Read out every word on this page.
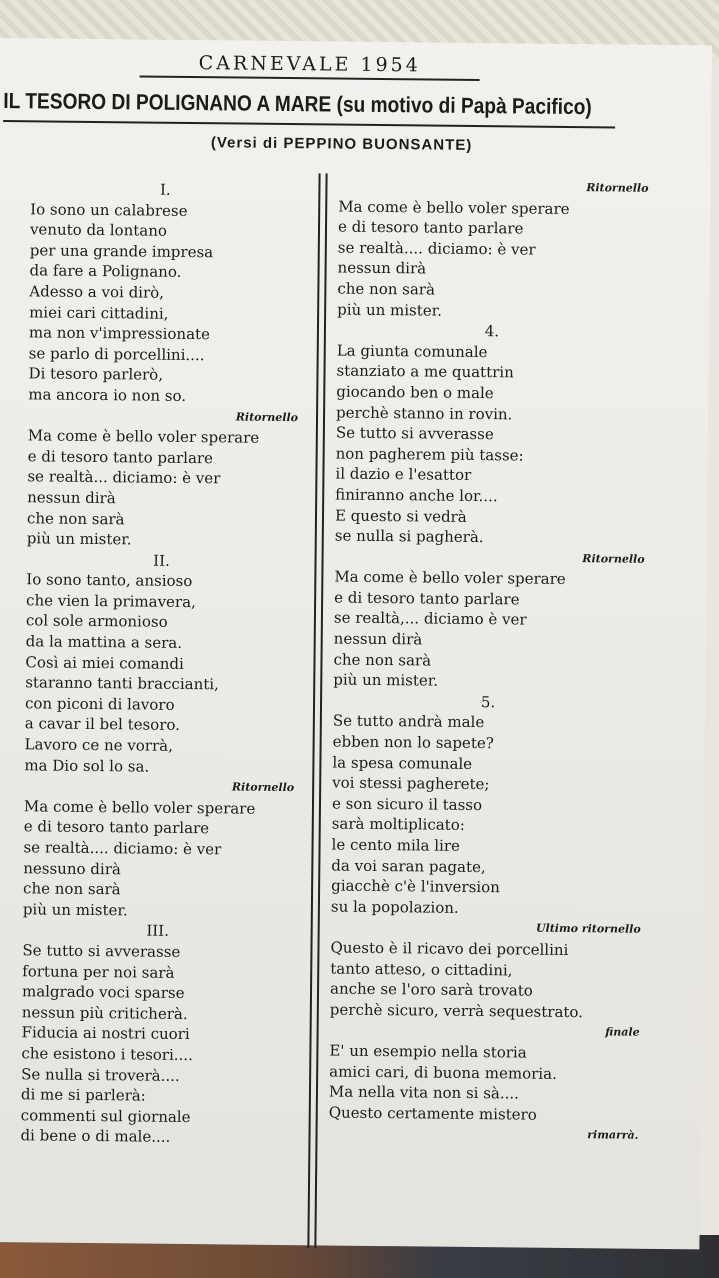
CARNEVALE 1954
IL TESORO DI POLIGNANO A MARE (su motivo di Papà Pacifico)
(Versi di PEPPINO BUONSANTE)
I.
Io sono un calabrese
venuto da lontano
per una grande impresa
da fare a Polignano.
Adesso a voi dirò,
miei cari cittadini,
ma non v'impressionate
se parlo di porcellini....
Di tesoro parlerò,
ma ancora io non so.
Ritornello
Ma come è bello voler sperare
e di tesoro tanto parlare
se realtà... diciamo: è ver
nessun dirà
che non sarà
più un mister.
II.
Io sono tanto, ansioso
che vien la primavera,
col sole armonioso
da la mattina a sera.
Così ai miei comandi
staranno tanti braccianti,
con piconi di lavoro
a cavar il bel tesoro.
Lavoro ce ne vorrà,
ma Dio sol lo sa.
Ritornello
Ma come è bello voler sperare
e di tesoro tanto parlare
se realtà.... diciamo: è ver
nessuno dirà
che non sarà
più un mister.
III.
Se tutto si avverasse
fortuna per noi sarà
malgrado voci sparse
nessun più criticherà.
Fiducia ai nostri cuori
che esistono i tesori....
Se nulla si troverà....
di me si parlerà:
commenti sul giornale
di bene o di male....
Ritornello
Ma come è bello voler sperare
e di tesoro tanto parlare
se realtà.... diciamo: è ver
nessun dirà
che non sarà
più un mister.
4.
La giunta comunale
stanziato a me quattrin
giocando ben o male
perchè stanno in rovin.
Se tutto si avverasse
non pagherem più tasse:
il dazio e l'esattor
finiranno anche lor....
E questo si vedrà
se nulla si pagherà.
Ritornello
Ma come è bello voler sperare
e di tesoro tanto parlare
se realtà,... diciamo è ver
nessun dirà
che non sarà
più un mister.
5.
Se tutto andrà male
ebben non lo sapete?
la spesa comunale
voi stessi pagherete;
e son sicuro il tasso
sarà moltiplicato:
le cento mila lire
da voi saran pagate,
giacchè c'è l'inversion
su la popolazion.
Ultimo ritornello
Questo è il ricavo dei porcellini
tanto atteso, o cittadini,
anche se l'oro sarà trovato
perchè sicuro, verrà sequestrato.
finale
E' un esempio nella storia
amici cari, di buona memoria.
Ma nella vita non si sà....
Questo certamente mistero
rimarrà.
